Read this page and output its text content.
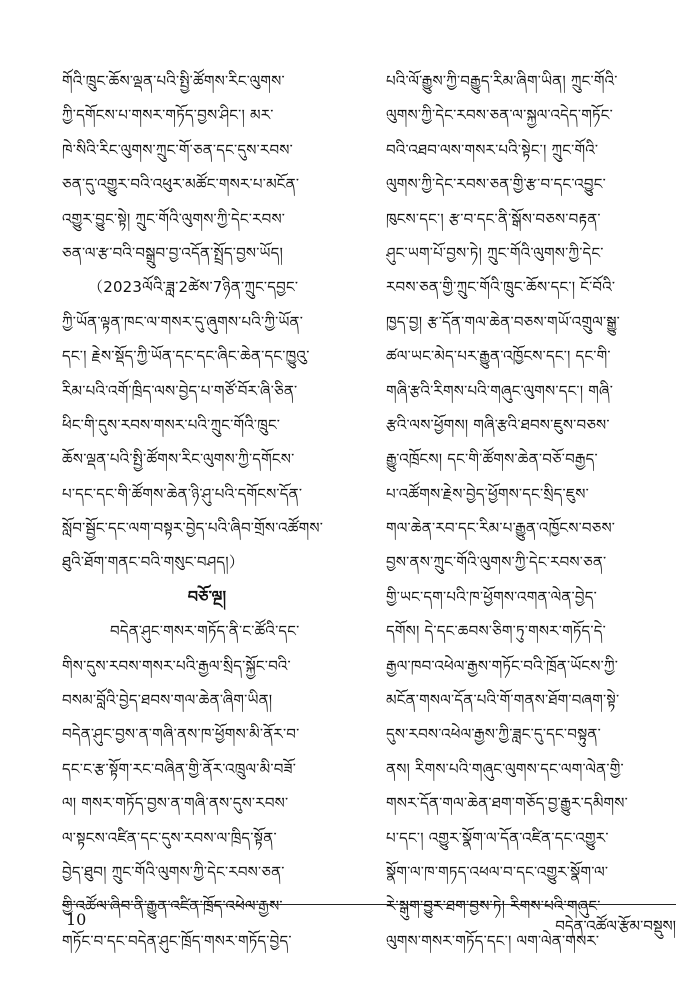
གོའི་ཁྲུང་ཆོས་ལྡན་པའི་སྤྱི་ཚོགས་རིང་ལུགས་
ཀྱི་དགོངས་པ་གསར་གཏོད་བྱས་ཤིང་། མར་
ཁེ་སིའི་རིང་ལུགས་ཀྲུང་གོ་ཅན་དང་དུས་རབས་
ཅན་དུ་འགྱུར་བའི་འཕུར་མཚོང་གསར་པ་མངོན་
འགྱུར་བྱུང་སྟེ། ཀྲུང་གོའི་ལུགས་ཀྱི་དེང་རབས་
ཅན་ལ་རྩ་བའི་བསྒྲུབ་བྱ་འདོན་སྤྲོད་བྱས་ཡོད།
（2023ལོའི་ཟླ་2ཚེས་7ཉིན་ཀྲུང་དབྱང་
ཀྱི་ཡོན་ལྟན་ཁང་ལ་གསར་དུ་ཞུགས་པའི་ཀྱི་ཡོན་
དང་། རྗེས་སྡོད་ཀྱི་ཡོན་དང་དང་ཞིང་ཆེན་དང་ཁྱུའུ་
རིམ་པའི་འགོ་ཁྲིད་ལས་བྱེད་པ་གཙོ་བོར་ཞི་ཅིན་
ཕིང་གི་དུས་རབས་གསར་པའི་ཀྲུང་གོའི་ཁྲུང་
ཆོས་ལྡན་པའི་སྤྱི་ཚོགས་རིང་ལུགས་ཀྱི་དགོངས་
པ་དང་དང་གི་ཚོགས་ཆེན་ཉི་ཤུ་པའི་དགོངས་དོན་
སློབ་སྦྱོང་དང་ལག་བསྟར་བྱེད་པའི་ཞིབ་གྲོས་འཚོགས་
ཐུའི་ཐོག་གནང་བའི་གསུང་བཤད།）
བཅོ་ལྔ།
བདེན་ཤུང་གསར་གཏོད་ནི་ང་ཚོའི་དང་
གིས་དུས་རབས་གསར་པའི་རྒྱལ་སྲིད་སྐྱོང་བའི་
བསམ་བློའི་བྱེད་ཐབས་གལ་ཆེན་ཞིག་ཡིན།
བདེན་ཤུང་བྱས་ན་གཞི་ནས་ཁ་ཕྱོགས་མི་ནོར་བ་
དང་ང་རྩ་སྟོག་རང་བཞིན་གྱི་ནོར་འཁྲུལ་མི་བཟོ་
ལ། གསར་གཏོད་བྱས་ན་གཞི་ནས་དུས་རབས་
ལ་སྟངས་འཛིན་དང་དུས་རབས་ལ་ཁྲིད་སྟོན་
བྱེད་ཐུབ། ཀྲུང་གོའི་ལུགས་ཀྱི་དེང་རབས་ཅན་
གྱི་འཚོལ་ཞིབ་ནི་རྒྱུན་འཛིན་ཁྲོད་འཕེལ་རྒྱས་
གཏོང་བ་དང་བདེན་ཤུང་ཁྲོད་གསར་གཏོད་བྱེད་
པའི་ལོ་རྒྱུས་ཀྱི་བརྒྱུད་རིམ་ཞིག་ཡིན། ཀྲུང་གོའི་
ལུགས་ཀྱི་དེང་རབས་ཅན་ལ་སྐྱལ་འདེད་གཏོང་
བའི་འཐབ་ལས་གསར་པའི་སྟེང་། ཀྲུང་གོའི་
ལུགས་ཀྱི་དེང་རབས་ཅན་གྱི་རྩ་བ་དང་འབྱུང་
ཁུངས་དང་། རྩ་བ་དང་ནི་སྒོས་བཅས་བརྟན་
ཤུང་ཡག་པོ་བྱས་ཏེ། ཀྲུང་གོའི་ལུགས་ཀྱི་དེང་
རབས་ཅན་གྱི་ཀྲུང་གོའི་ཁྲུང་ཆོས་དང་། ངོ་བོའི་
ཁྱད་བྱ། རྩ་དོན་གལ་ཆེན་བཅས་གཡོ་འགྲུལ་སྒྱུ་
ཚལ་ཡང་མེད་པར་རྒྱུན་འཁྱོངས་དང་། དང་གི་
གཞི་རྩའི་རིགས་པའི་གཞུང་ལུགས་དང་། གཞི་
རྩའི་ལས་ཕྱོགས། གཞི་རྩའི་ཐབས་ཇུས་བཅས་
རྒྱུ་འཁྲོངས། དང་གི་ཚོགས་ཆེན་བཅོ་བརྒྱད་
པ་འཚོགས་རྗེས་བྱེད་ཕྱོགས་དང་སྲིད་ཇུས་
གལ་ཆེན་རབ་དང་རིམ་པ་རྒྱུན་འཁྱོངས་བཅས་
བྱས་ནས་ཀྲུང་གོའི་ལུགས་ཀྱི་དེང་རབས་ཅན་
གྱི་ཡང་དག་པའི་ཁ་ཕྱོགས་འགན་ལེན་བྱེད་
དགོས། དེ་དང་ཆབས་ཅིག་ཏུ་གསར་གཏོད་དེ་
རྒྱལ་ཁབ་འཕེལ་རྒྱས་གཏོང་བའི་ཁྲོན་ཡོངས་ཀྱི་
མངོན་གསལ་དོན་པའི་གོ་གནས་ཐོག་བཞག་སྟེ་
དུས་རབས་འཕེལ་རྒྱས་ཀྱི་ཟླང་དུ་དང་བསྟུན་
ནས། རིགས་པའི་གཞུང་ལུགས་དང་ལག་ལེན་གྱི་
གསར་དོན་གལ་ཆེན་ཐག་གཅོད་བྱ་རྒྱུར་དམིགས་
པ་དང་། འགྱུར་སྣོག་ལ་དོན་འཛིན་དང་འགྱུར་
སྣོག་ལ་ཁ་གཏད་འཕལ་བ་དང་འགྱུར་སྣོག་ལ་
རེ་སྒུག་བྱུར་ཐག་བྱས་ཏེ། རིགས་པའི་གཞུང་
ལུགས་གསར་གཏོད་དང་། ལག་ལེན་གསར་
10	བདེན་འཚོལ་རྩོམ་བསྡུས།
